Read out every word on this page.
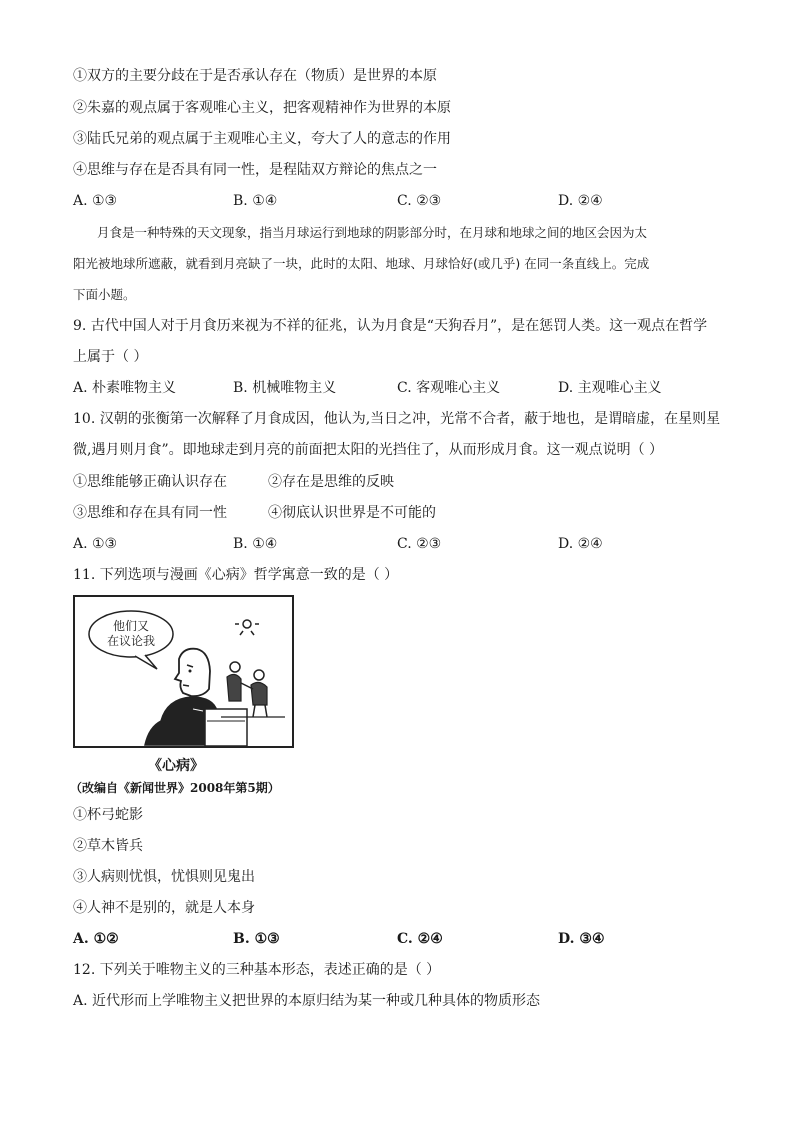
①双方的主要分歧在于是否承认存在（物质）是世界的本原
②朱嘉的观点属于客观唯心主义，把客观精神作为世界的本原
③陆氏兄弟的观点属于主观唯心主义，夸大了人的意志的作用
④思维与存在是否具有同一性，是程陆双方辩论的焦点之一
A. ①③	B. ①④	C. ②③	D. ②④

月食是一种特殊的天文现象，指当月球运行到地球的阴影部分时，在月球和地球之间的地区会因为太

阳光被地球所遮蔽，就看到月亮缺了一块，此时的太阳、地球、月球恰好(或几乎) 在同一条直线上。完成

下面小题。

9. 古代中国人对于月食历来视为不祥的征兆，认为月食是“天狗吞月”，是在惩罚人类。这一观点在哲学
上属于（ ）
A. 朴素唯物主义	B. 机械唯物主义	C. 客观唯心主义	D. 主观唯心主义
10. 汉朝的张衡第一次解释了月食成因，他认为,当日之冲，光常不合者，蔽于地也，是谓暗虚，在星则星
微,遇月则月食”。即地球走到月亮的前面把太阳的光挡住了，从而形成月食。这一观点说明（ ）
①思维能够正确认识存在	②存在是思维的反映
③思维和存在具有同一性	④彻底认识世界是不可能的
A. ①③	B. ①④	C. ②③	D. ②④
11. 下列选项与漫画《心病》哲学寓意一致的是（ ）
他们又
在议论我
《心病》
（改编自《新闻世界》2008年第5期）
①杯弓蛇影
②草木皆兵
③人病则忧惧，忧惧则见鬼出
④人神不是别的，就是人本身
A. ①②	B. ①③	C. ②④	D. ③④
12. 下列关于唯物主义的三种基本形态，表述正确的是（ ）
A. 近代形而上学唯物主义把世界的本原归结为某一种或几种具体的物质形态
